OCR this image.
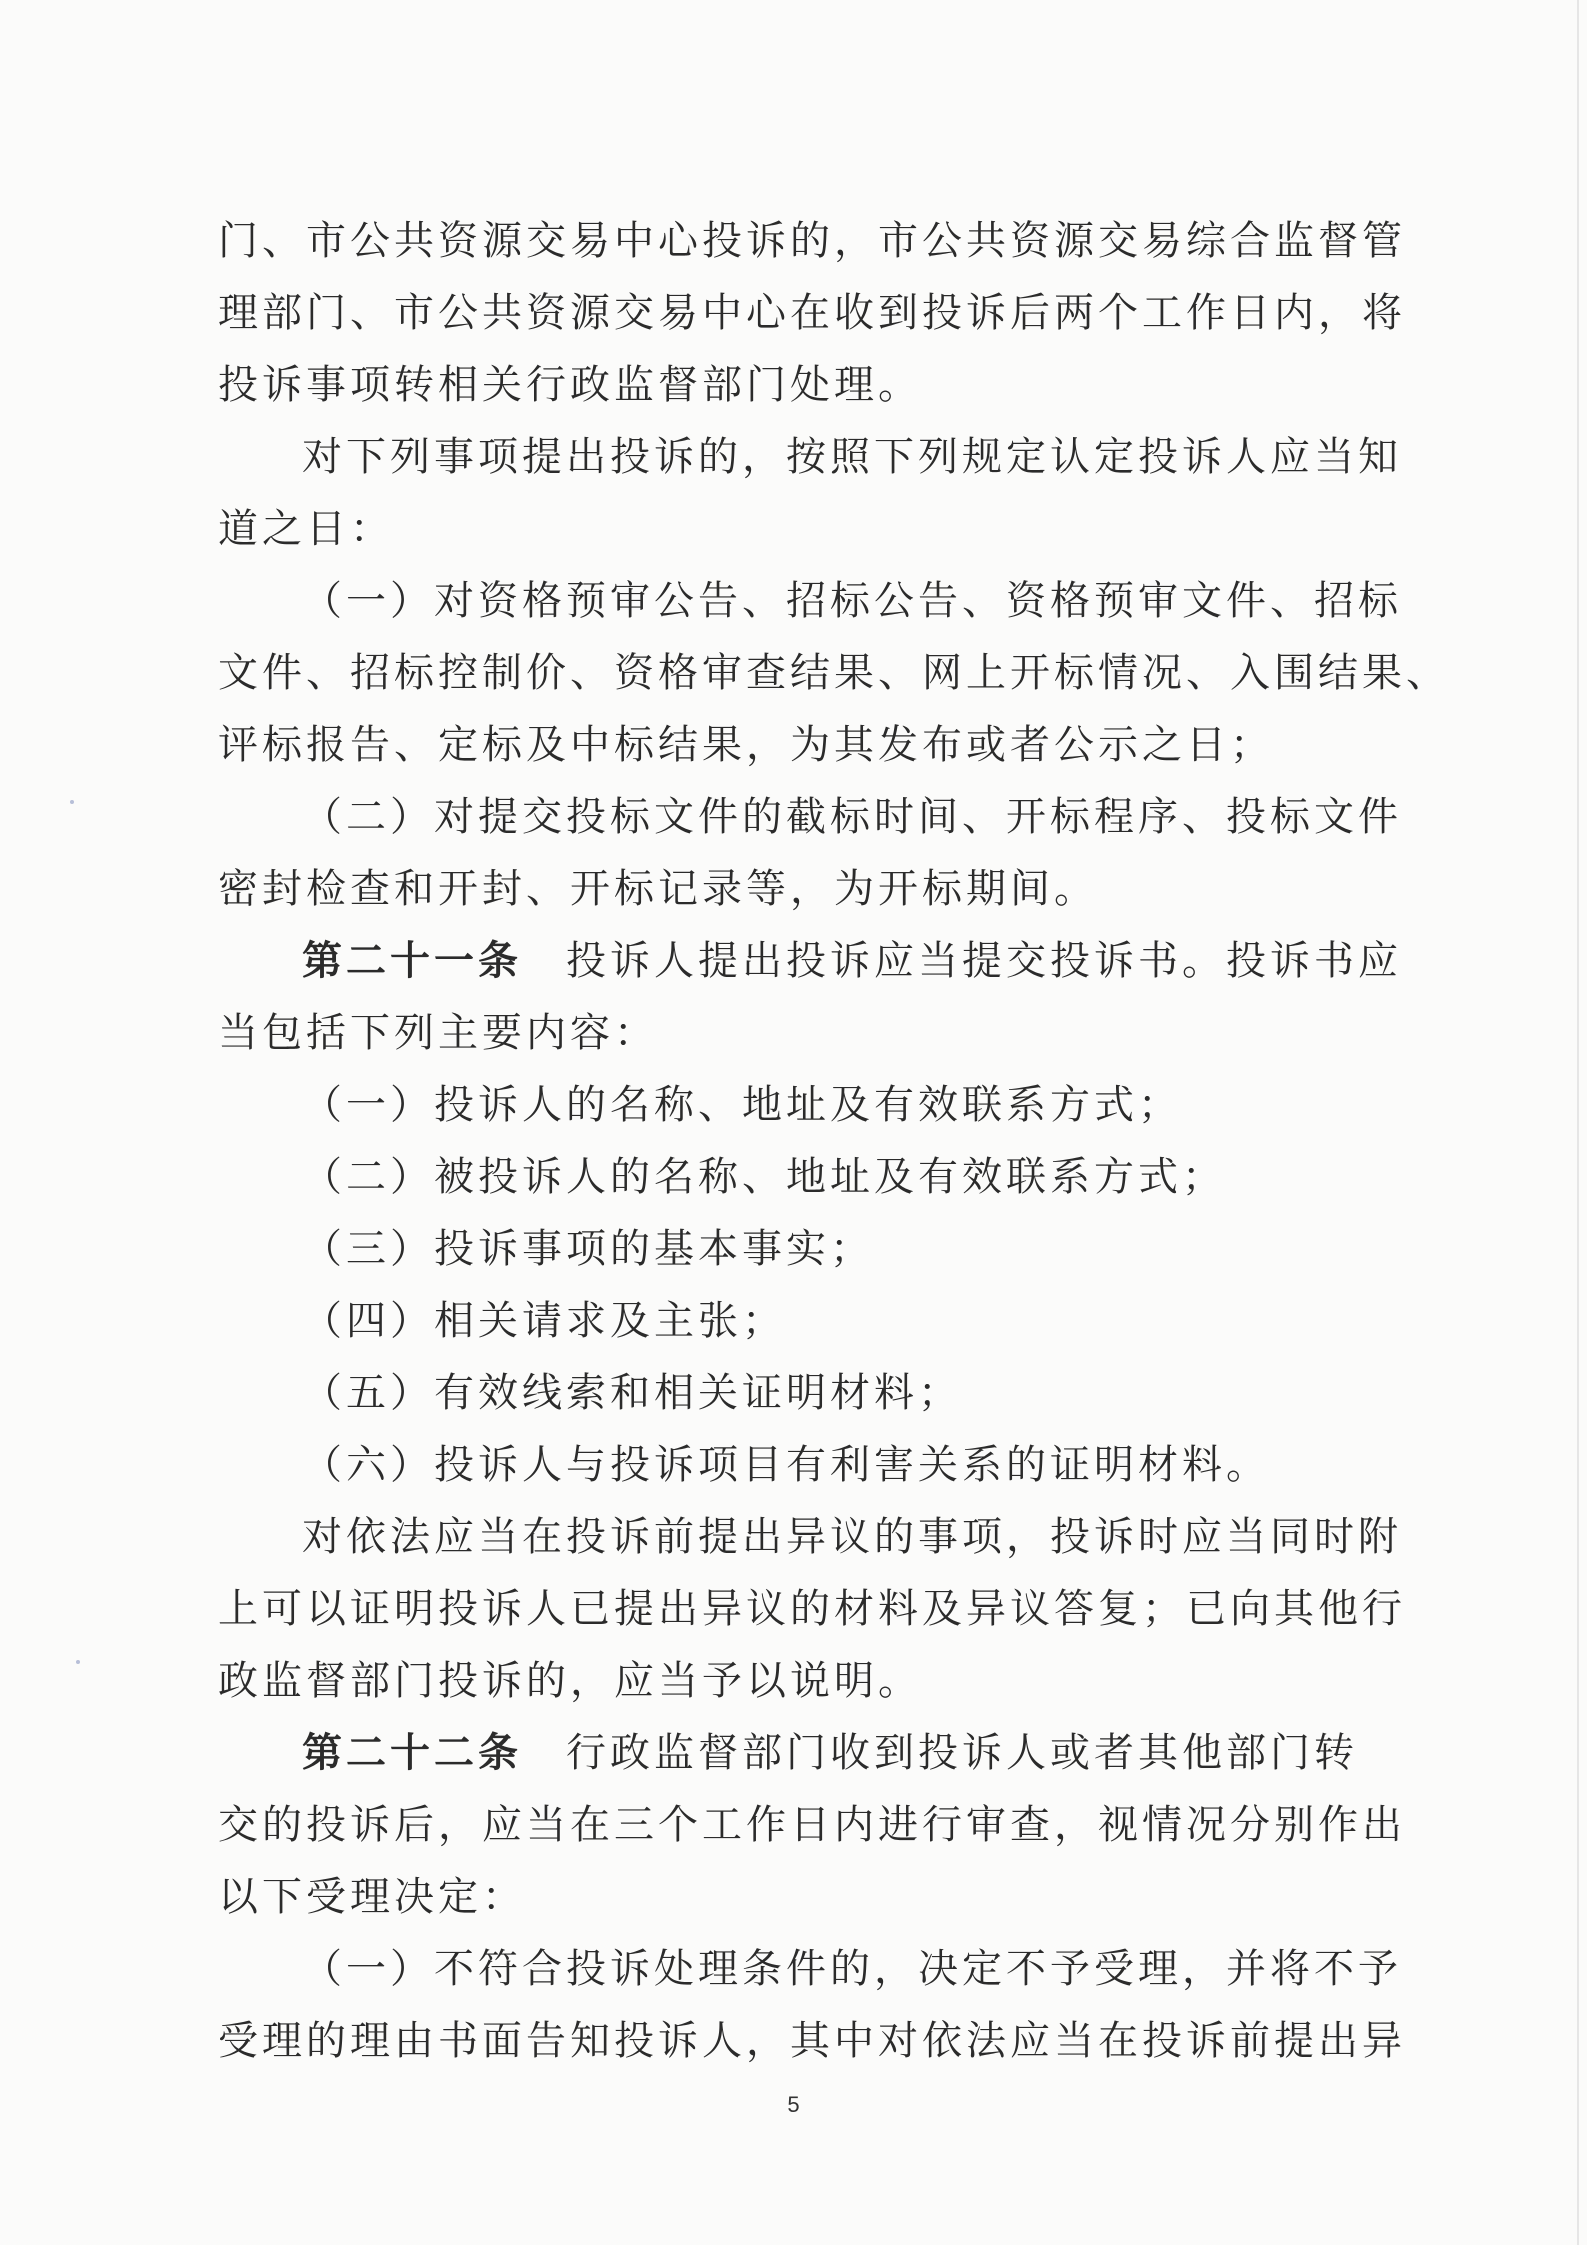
门、市公共资源交易中心投诉的，市公共资源交易综合监督管
理部门、市公共资源交易中心在收到投诉后两个工作日内，将
投诉事项转相关行政监督部门处理。
对下列事项提出投诉的，按照下列规定认定投诉人应当知
道之日：
（一）对资格预审公告、招标公告、资格预审文件、招标
文件、招标控制价、资格审查结果、网上开标情况、入围结果、
评标报告、定标及中标结果，为其发布或者公示之日；
（二）对提交投标文件的截标时间、开标程序、投标文件
密封检查和开封、开标记录等，为开标期间。
第二十一条 投诉人提出投诉应当提交投诉书。投诉书应
当包括下列主要内容：
（一）投诉人的名称、地址及有效联系方式；
（二）被投诉人的名称、地址及有效联系方式；
（三）投诉事项的基本事实；
（四）相关请求及主张；
（五）有效线索和相关证明材料；
（六）投诉人与投诉项目有利害关系的证明材料。
对依法应当在投诉前提出异议的事项，投诉时应当同时附
上可以证明投诉人已提出异议的材料及异议答复；已向其他行
政监督部门投诉的，应当予以说明。
第二十二条 行政监督部门收到投诉人或者其他部门转
交的投诉后，应当在三个工作日内进行审查，视情况分别作出
以下受理决定：
（一）不符合投诉处理条件的，决定不予受理，并将不予
受理的理由书面告知投诉人，其中对依法应当在投诉前提出异
5
